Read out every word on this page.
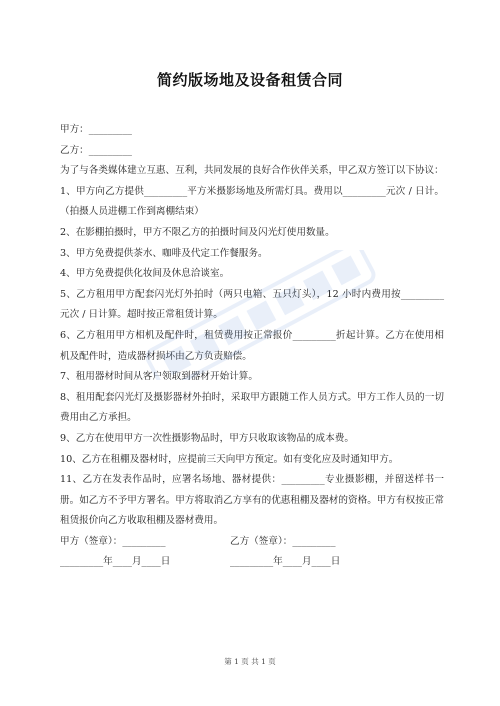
简约版场地及设备租赁合同

甲方：_________

乙方：_________

为了与各类媒体建立互惠、互利，共同发展的良好合作伙伴关系，甲乙双方签订以下协议：

1、甲方向乙方提供_________平方米摄影场地及所需灯具。费用以_________元次 / 日计。（拍摄人员进棚工作到离棚结束）

2、在影棚拍摄时，甲方不限乙方的拍摄时间及闪光灯使用数量。

3、甲方免费提供茶水、咖啡及代定工作餐服务。

4、甲方免费提供化妆间及休息洽谈室。

5、乙方租用甲方配套闪光灯外拍时（两只电箱、五只灯头），12 小时内费用按_________元次 / 日计算。超时按正常租赁计算。

6、乙方租用甲方相机及配件时，租赁费用按正常报价_________折起计算。乙方在使用相机及配件时，造成器材损坏由乙方负责赔偿。

7、租用器材时间从客户领取到器材开始计算。

8、租用配套闪光灯及摄影器材外拍时，采取甲方跟随工作人员方式。甲方工作人员的一切费用由乙方承担。

9、乙方在使用甲方一次性摄影物品时，甲方只收取该物品的成本费。

10、乙方在租棚及器材时，应提前三天向甲方预定。如有变化应及时通知甲方。

11、乙方在发表作品时，应署名场地、器材提供：_________专业摄影棚，并留送样书一册。如乙方不予甲方署名。甲方将取消乙方享有的优惠租棚及器材的资格。甲方有权按正常租赁报价向乙方收取租棚及器材费用。

甲方（签章）：_________	乙方（签章）：_________
_________年____月____日	_________年____月____日
第 1 页 共 1 页
